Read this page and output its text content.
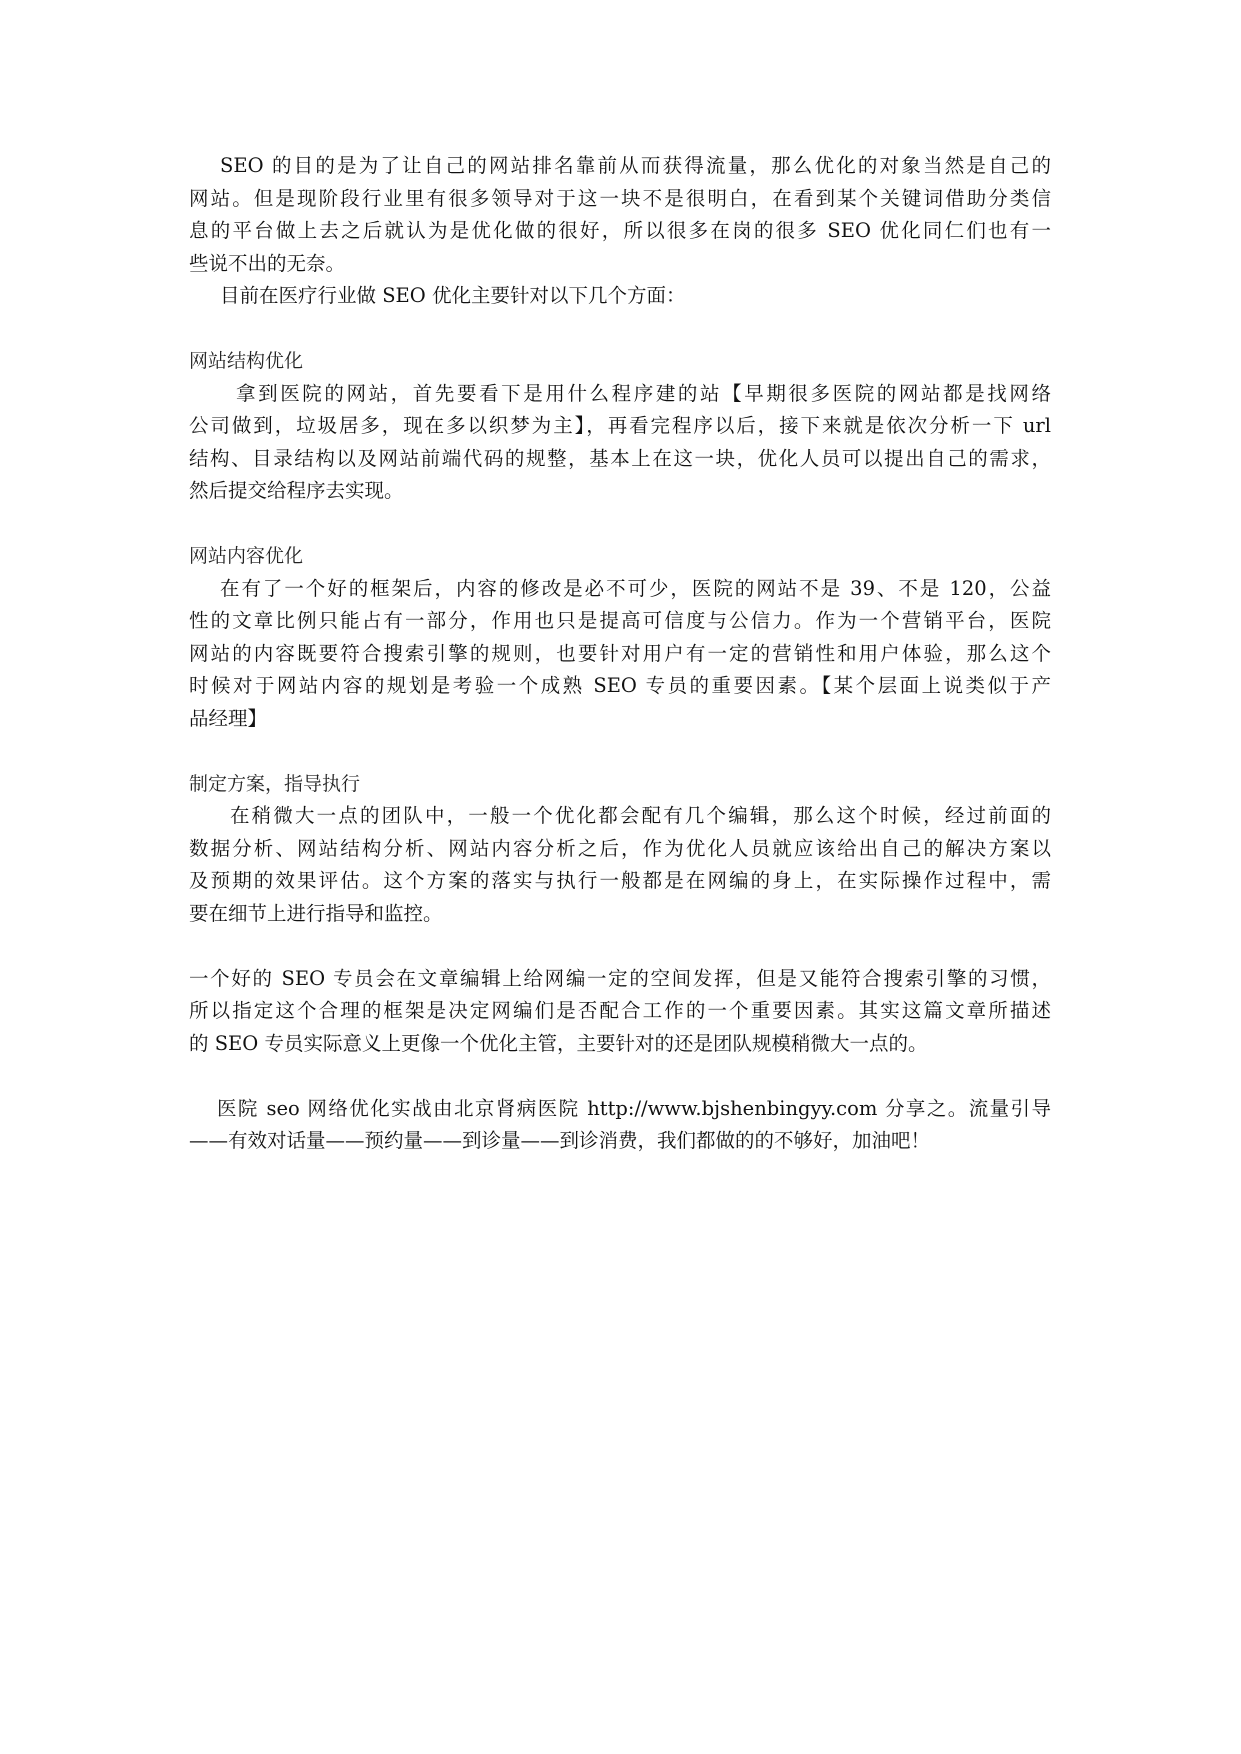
SEO 的目的是为了让自己的网站排名靠前从而获得流量，那么优化的对象当然是自己的
网站。但是现阶段行业里有很多领导对于这一块不是很明白，在看到某个关键词借助分类信
息的平台做上去之后就认为是优化做的很好，所以很多在岗的很多 SEO 优化同仁们也有一
些说不出的无奈。
目前在医疗行业做 SEO 优化主要针对以下几个方面：
网站结构优化
拿到医院的网站，首先要看下是用什么程序建的站【早期很多医院的网站都是找网络
公司做到，垃圾居多，现在多以织梦为主】，再看完程序以后，接下来就是依次分析一下 url
结构、目录结构以及网站前端代码的规整，基本上在这一块，优化人员可以提出自己的需求，
然后提交给程序去实现。
网站内容优化
在有了一个好的框架后，内容的修改是必不可少，医院的网站不是 39、不是 120，公益
性的文章比例只能占有一部分，作用也只是提高可信度与公信力。作为一个营销平台，医院
网站的内容既要符合搜索引擎的规则，也要针对用户有一定的营销性和用户体验，那么这个
时候对于网站内容的规划是考验一个成熟 SEO 专员的重要因素。【某个层面上说类似于产
品经理】
制定方案，指导执行
在稍微大一点的团队中，一般一个优化都会配有几个编辑，那么这个时候，经过前面的
数据分析、网站结构分析、网站内容分析之后，作为优化人员就应该给出自己的解决方案以
及预期的效果评估。这个方案的落实与执行一般都是在网编的身上，在实际操作过程中，需
要在细节上进行指导和监控。
一个好的 SEO 专员会在文章编辑上给网编一定的空间发挥，但是又能符合搜索引擎的习惯，
所以指定这个合理的框架是决定网编们是否配合工作的一个重要因素。其实这篇文章所描述
的 SEO 专员实际意义上更像一个优化主管，主要针对的还是团队规模稍微大一点的。
医院 seo 网络优化实战由北京肾病医院 http://www.bjshenbingyy.com 分享之。流量引导
——有效对话量——预约量——到诊量——到诊消费，我们都做的的不够好，加油吧！
